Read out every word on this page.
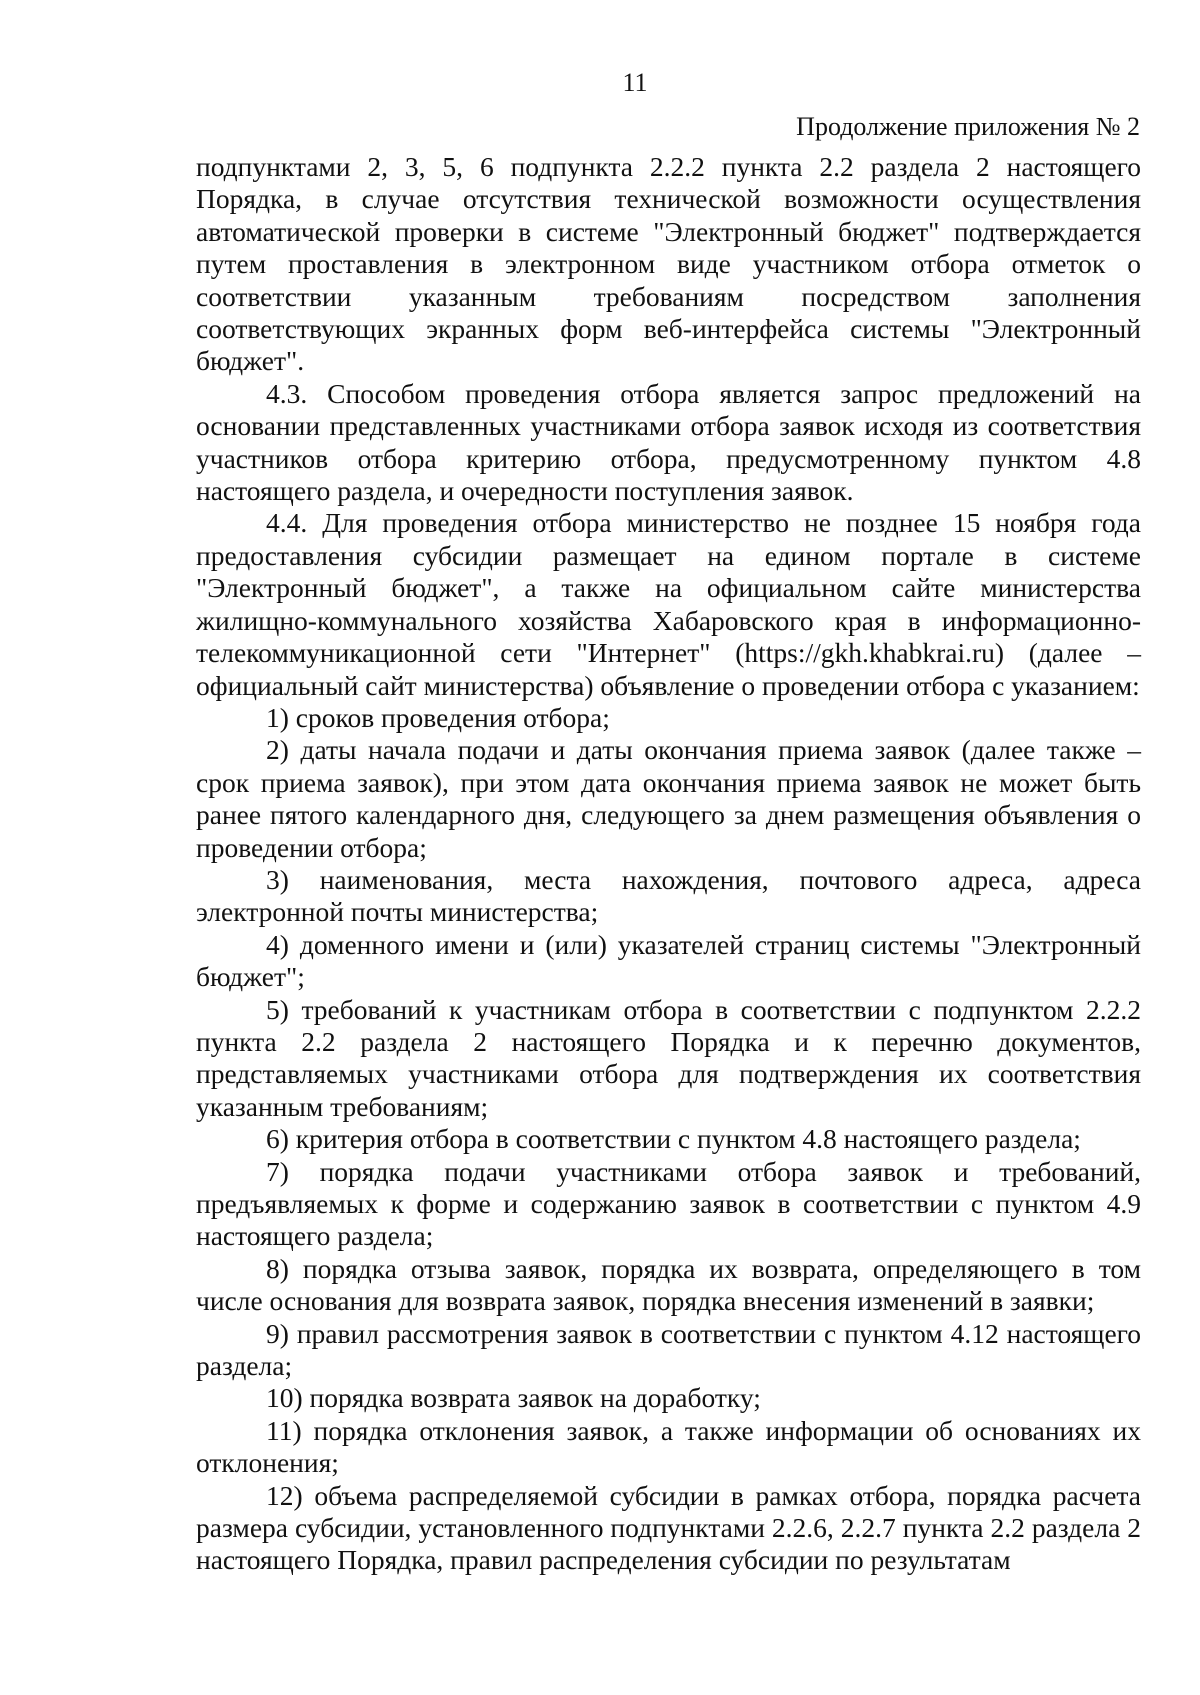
11
Продолжение приложения № 2

подпунктами 2, 3, 5, 6 подпункта 2.2.2 пункта 2.2 раздела 2 настоящего Порядка, в случае отсутствия технической возможности осуществления автоматической проверки в системе "Электронный бюджет" подтверждается путем проставления в электронном виде участником отбора отметок о соответствии указанным требованиям посредством заполнения соответствующих экранных форм веб-интерфейса системы "Электронный бюджет".

4.3. Способом проведения отбора является запрос предложений на основании представленных участниками отбора заявок исходя из соответствия участников отбора критерию отбора, предусмотренному пунктом 4.8 настоящего раздела, и очередности поступления заявок.

4.4. Для проведения отбора министерство не позднее 15 ноября года предоставления субсидии размещает на едином портале в системе "Электронный бюджет", а также на официальном сайте министерства жилищно-коммунального хозяйства Хабаровского края в информационно-телекоммуникационной сети "Интернет" (https://gkh.khabkrai.ru) (далее – официальный сайт министерства) объявление о проведении отбора с указанием:

1) сроков проведения отбора;

2) даты начала подачи и даты окончания приема заявок (далее также – срок приема заявок), при этом дата окончания приема заявок не может быть ранее пятого календарного дня, следующего за днем размещения объявления о проведении отбора;

3) наименования, места нахождения, почтового адреса, адреса электронной почты министерства;

4) доменного имени и (или) указателей страниц системы "Электронный бюджет";

5) требований к участникам отбора в соответствии с подпунктом 2.2.2 пункта 2.2 раздела 2 настоящего Порядка и к перечню документов, представляемых участниками отбора для подтверждения их соответствия указанным требованиям;

6) критерия отбора в соответствии с пунктом 4.8 настоящего раздела;

7) порядка подачи участниками отбора заявок и требований, предъявляемых к форме и содержанию заявок в соответствии с пунктом 4.9 настоящего раздела;

8) порядка отзыва заявок, порядка их возврата, определяющего в том числе основания для возврата заявок, порядка внесения изменений в заявки;

9) правил рассмотрения заявок в соответствии с пунктом 4.12 настоящего раздела;

10) порядка возврата заявок на доработку;

11) порядка отклонения заявок, а также информации об основаниях их отклонения;

12) объема распределяемой субсидии в рамках отбора, порядка расчета размера субсидии, установленного подпунктами 2.2.6, 2.2.7 пункта 2.2 раздела 2 настоящего Порядка, правил распределения субсидии по результатам
